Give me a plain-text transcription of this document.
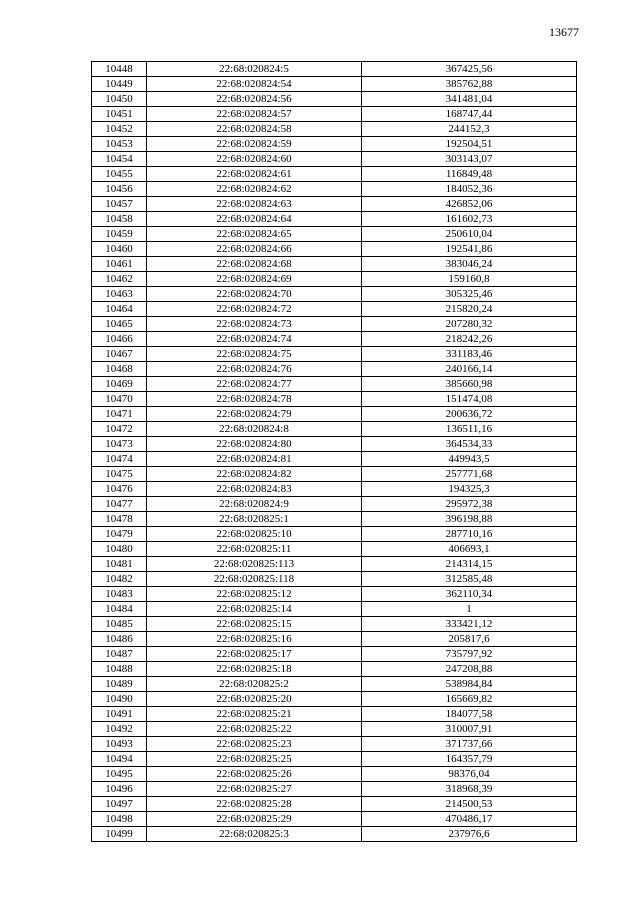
13677
10448	22:68:020824:5	367425,56
10449	22:68:020824:54	385762,88
10450	22:68:020824:56	341481,04
10451	22:68:020824:57	168747,44
10452	22:68:020824:58	244152,3
10453	22:68:020824:59	192504,51
10454	22:68:020824:60	303143,07
10455	22:68:020824:61	116849,48
10456	22:68:020824:62	184052,36
10457	22:68:020824:63	426852,06
10458	22:68:020824:64	161602,73
10459	22:68:020824:65	250610,04
10460	22:68:020824:66	192541,86
10461	22:68:020824:68	383046,24
10462	22:68:020824:69	159160,8
10463	22:68:020824:70	305325,46
10464	22:68:020824:72	215820,24
10465	22:68:020824:73	207280,32
10466	22:68:020824:74	218242,26
10467	22:68:020824:75	331183,46
10468	22:68:020824:76	240166,14
10469	22:68:020824:77	385660,98
10470	22:68:020824:78	151474,08
10471	22:68:020824:79	200636,72
10472	22:68:020824:8	136511,16
10473	22:68:020824:80	364534,33
10474	22:68:020824:81	449943,5
10475	22:68:020824:82	257771,68
10476	22:68:020824:83	194325,3
10477	22:68:020824:9	295972,38
10478	22:68:020825:1	396198,88
10479	22:68:020825:10	287710,16
10480	22:68:020825:11	406693,1
10481	22:68:020825:113	214314,15
10482	22:68:020825:118	312585,48
10483	22:68:020825:12	362110,34
10484	22:68:020825:14	1
10485	22:68:020825:15	333421,12
10486	22:68:020825:16	205817,6
10487	22:68:020825:17	735797,92
10488	22:68:020825:18	247208,88
10489	22:68:020825:2	538984,84
10490	22:68:020825:20	165669,82
10491	22:68:020825:21	184077,58
10492	22:68:020825:22	310007,91
10493	22:68:020825:23	371737,66
10494	22:68:020825:25	164357,79
10495	22:68:020825:26	98376,04
10496	22:68:020825:27	318968,39
10497	22:68:020825:28	214500,53
10498	22:68:020825:29	470486,17
10499	22:68:020825:3	237976,6
